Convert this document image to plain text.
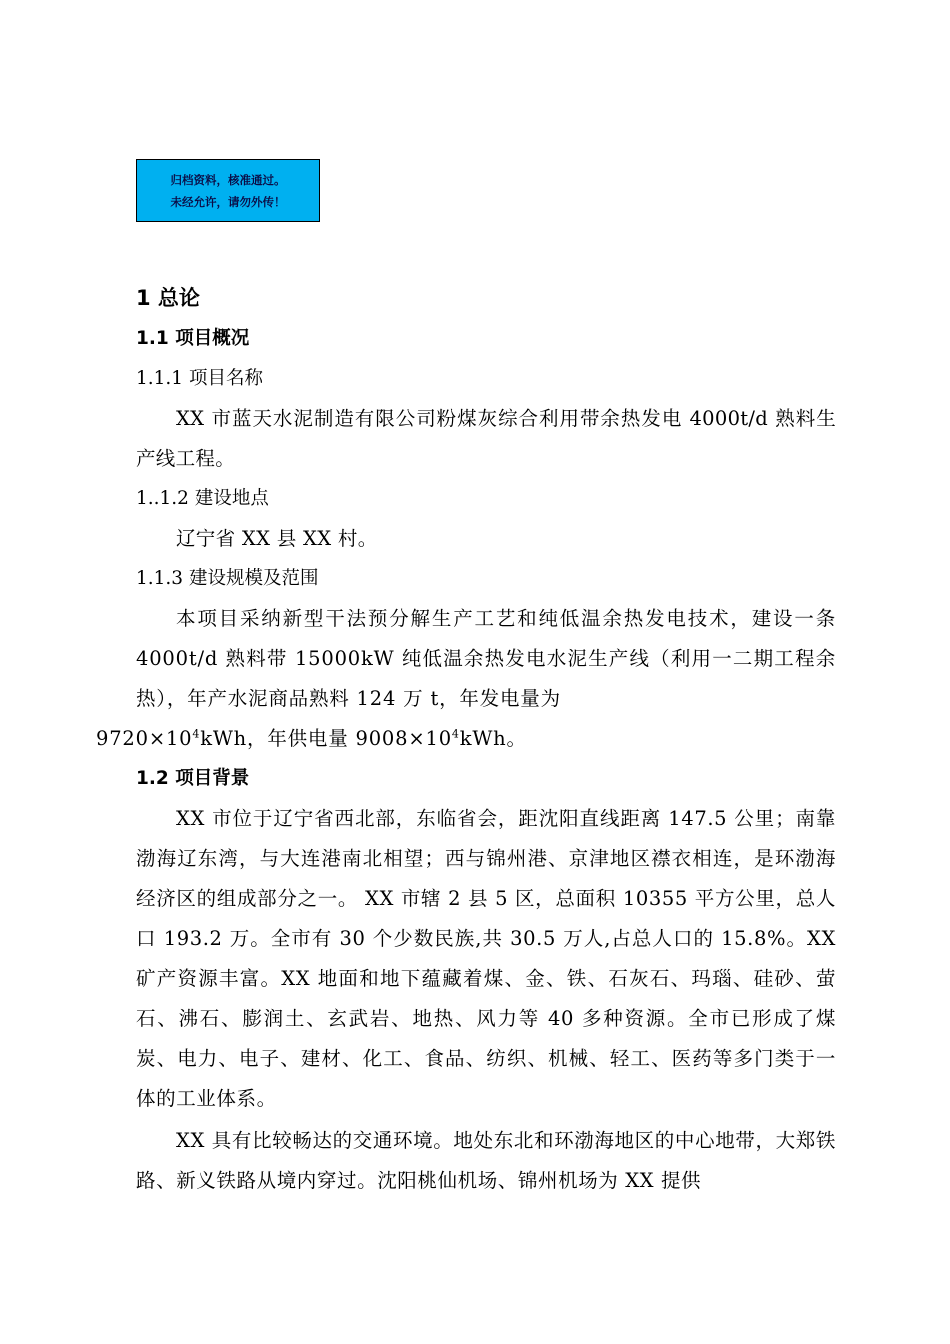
归档资料，核准通过。
未经允许，请勿外传！
1 总论
1.1 项目概况
1.1.1 项目名称
XX 市蓝天水泥制造有限公司粉煤灰综合利用带余热发电 4000t/d 熟料生产线工程。
1..1.2 建设地点
辽宁省 XX 县 XX 村。
1.1.3 建设规模及范围
本项目采纳新型干法预分解生产工艺和纯低温余热发电技术，建设一条 4000t/d 熟料带 15000kW 纯低温余热发电水泥生产线（利用一二期工程余热），年产水泥商品熟料 124 万 t，年发电量为
$9720\times 10^4kWh$，年供电量 $9008\times 10^4kWh$。
1.2 项目背景
XX 市位于辽宁省西北部，东临省会，距沈阳直线距离 147.5 公里；南靠渤海辽东湾，与大连港南北相望；西与锦州港、京津地区襟衣相连，是环渤海经济区的组成部分之一。 XX 市辖 2 县 5 区，总面积 10355 平方公里，总人口 193.2 万。全市有 30 个少数民族,共 30.5 万人,占总人口的 15.8%。XX 矿产资源丰富。XX 地面和地下蕴藏着煤、金、铁、石灰石、玛瑙、硅砂、萤石、沸石、膨润土、玄武岩、地热、风力等 40 多种资源。全市已形成了煤炭、电力、电子、建材、化工、食品、纺织、机械、轻工、医药等多门类于一体的工业体系。
XX 具有比较畅达的交通环境。地处东北和环渤海地区的中心地带，大郑铁路、新义铁路从境内穿过。沈阳桃仙机场、锦州机场为 XX 提供
